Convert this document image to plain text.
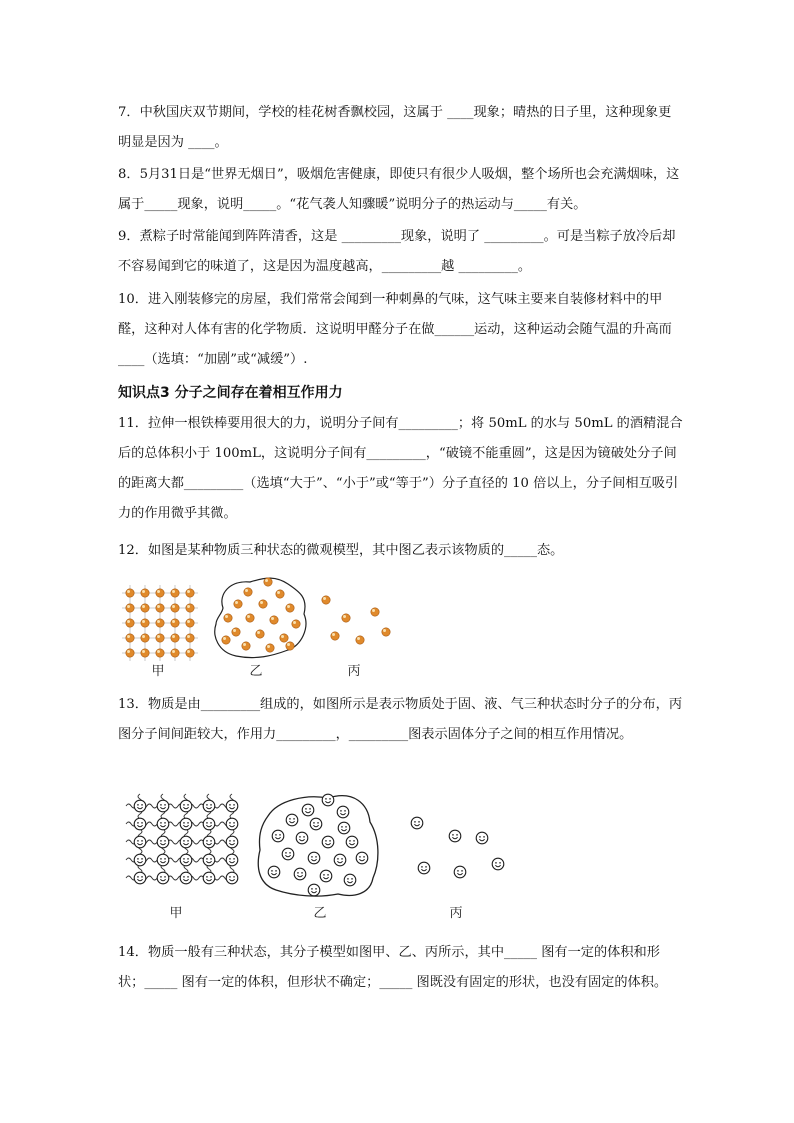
7．中秋国庆双节期间，学校的桂花树香飘校园，这属于 ____现象；晴热的日子里，这种现象更明显是因为 ____。
8．5月31日是“世界无烟日”，吸烟危害健康，即使只有很少人吸烟，整个场所也会充满烟味，这属于_____现象，说明_____。“花气袭人知骤暖”说明分子的热运动与_____有关。
9．煮粽子时常能闻到阵阵清香，这是 _________现象，说明了 _________。可是当粽子放冷后却不容易闻到它的味道了，这是因为温度越高，_________越 _________。
10．进入刚装修完的房屋，我们常常会闻到一种刺鼻的气味，这气味主要来自装修材料中的甲醛，这种对人体有害的化学物质．这说明甲醛分子在做______运动，这种运动会随气温的升高而____（选填：“加剧”或“减缓”）.
知识点3 分子之间存在着相互作用力
11．拉伸一根铁棒要用很大的力，说明分子间有_________；将 50mL 的水与 50mL 的酒精混合后的总体积小于 100mL，这说明分子间有_________，“破镜不能重圆”，这是因为镜破处分子间的距离大都_________（选填“大于”、“小于”或“等于”）分子直径的 10 倍以上，分子间相互吸引力的作用微乎其微。
12．如图是某种物质三种状态的微观模型，其中图乙表示该物质的_____态。
甲	乙	丙
13．物质是由_________组成的，如图所示是表示物质处于固、液、气三种状态时分子的分布，丙图分子间间距较大，作用力_________，_________图表示固体分子之间的相互作用情况。
甲	乙	丙
14．物质一般有三种状态，其分子模型如图甲、乙、丙所示，其中_____ 图有一定的体积和形状；_____ 图有一定的体积，但形状不确定；_____ 图既没有固定的形状，也没有固定的体积。
